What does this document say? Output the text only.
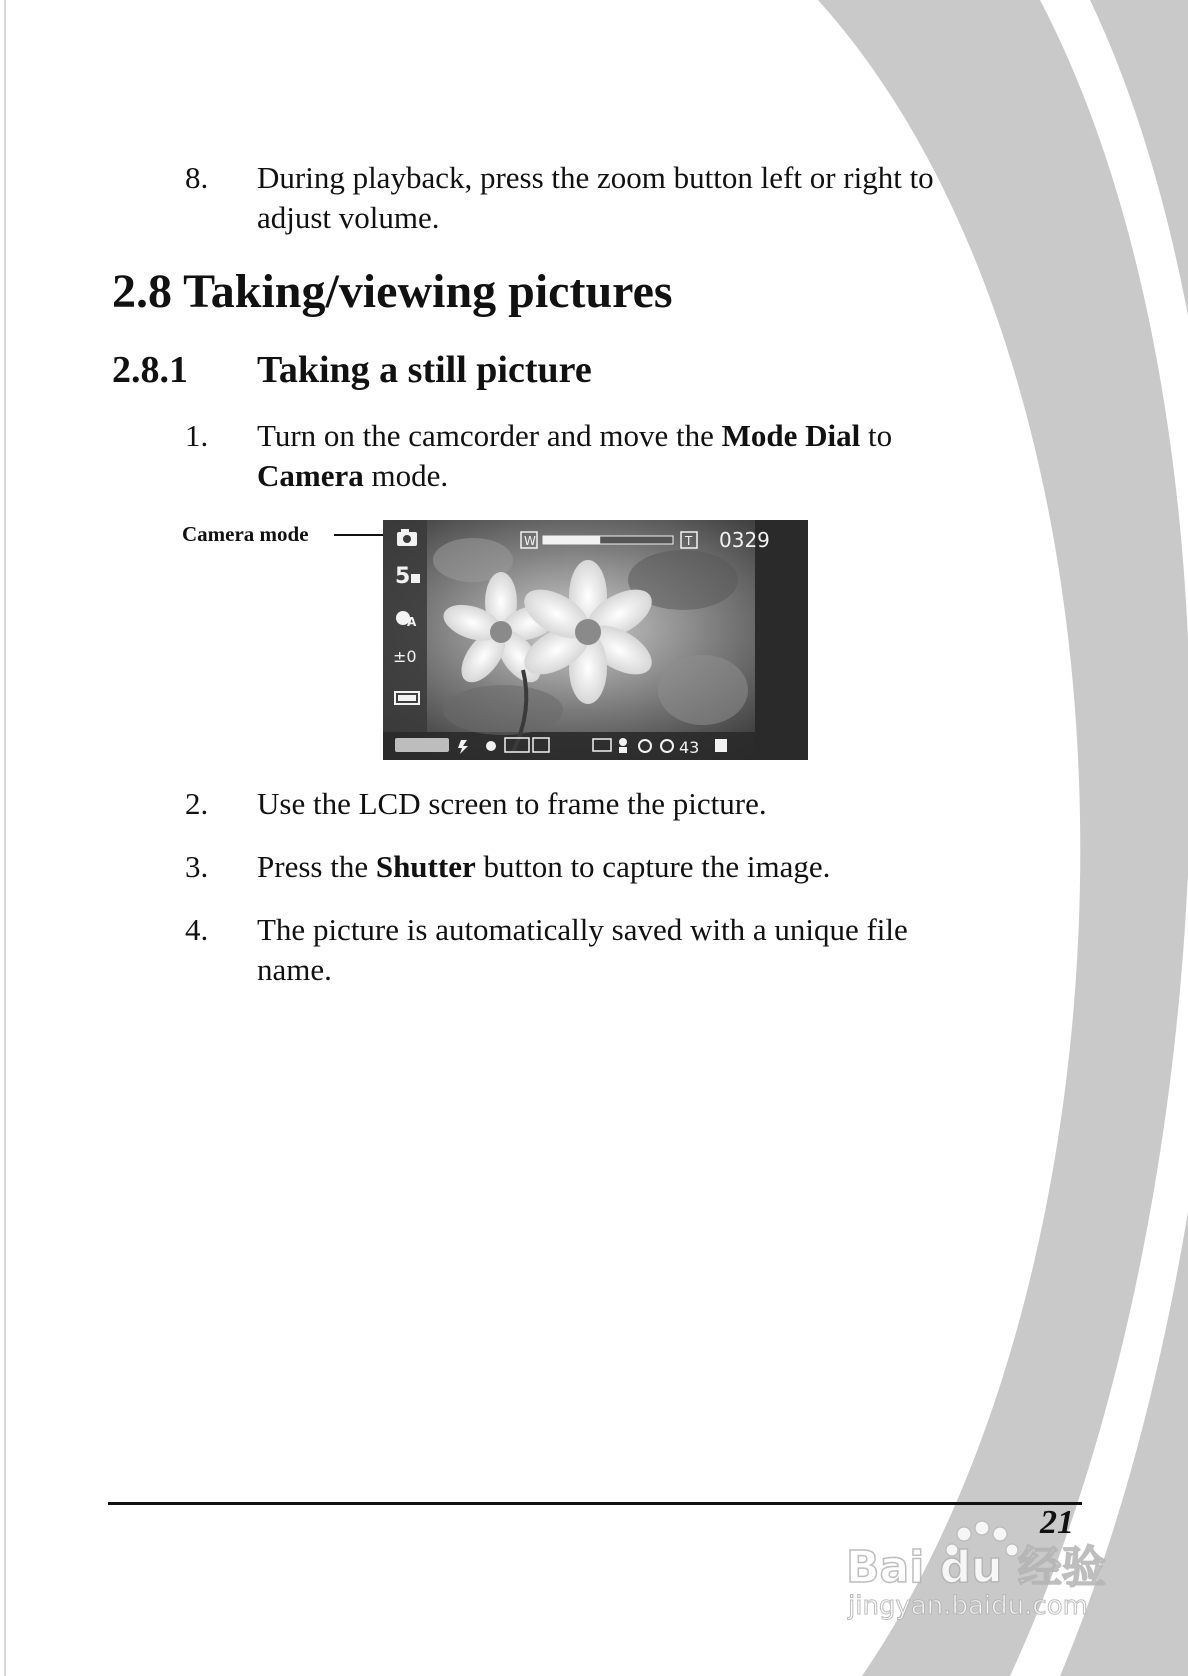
8. During playback, press the zoom button left or right to
adjust volume.
2.8 Taking/viewing pictures
2.8.1 Taking a still picture
1. Turn on the camcorder and move the Mode Dial to
Camera mode.
Camera mode
5
A
±0
W	T 0329
43
2. Use the LCD screen to frame the picture.
3. Press the Shutter button to capture the image.
4. The picture is automatically saved with a unique file
name.
21
Bai du 经验
jingyan.baidu.com
